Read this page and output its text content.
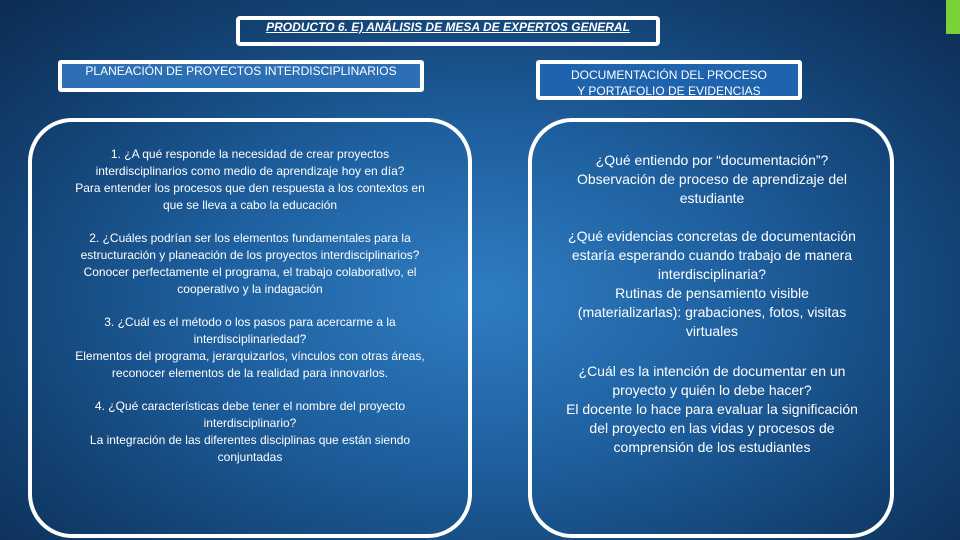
PRODUCTO 6. E) ANÁLISIS DE MESA DE EXPERTOS GENERAL
PLANEACIÓN DE PROYECTOS INTERDISCIPLINARIOS	DOCUMENTACIÓN DEL PROCESO
Y PORTAFOLIO DE EVIDENCIAS
1. ¿A qué responde la necesidad de crear proyectos
interdisciplinarios como medio de aprendizaje hoy en día?
Para entender los procesos que den respuesta a los contextos en
que se lleva a cabo la educación
2. ¿Cuáles podrían ser los elementos fundamentales para la
estructuración y planeación de los proyectos interdisciplinarios?
Conocer perfectamente el programa, el trabajo colaborativo, el
cooperativo y la indagación
3. ¿Cuál es el método o los pasos para acercarme a la
interdisciplinariedad?
Elementos del programa, jerarquizarlos, vínculos con otras áreas,
reconocer elementos de la realidad para innovarlos.
4. ¿Qué características debe tener el nombre del proyecto
interdisciplinario?
La integración de las diferentes disciplinas que están siendo
conjuntadas
¿Qué entiendo por “documentación”?
Observación de proceso de aprendizaje del
estudiante
¿Qué evidencias concretas de documentación
estaría esperando cuando trabajo de manera
interdisciplinaria?
Rutinas de pensamiento visible
(materializarlas): grabaciones, fotos, visitas
virtuales
¿Cuál es la intención de documentar en un
proyecto y quién lo debe hacer?
El docente lo hace para evaluar la significación
del proyecto en las vidas y procesos de
comprensión de los estudiantes
